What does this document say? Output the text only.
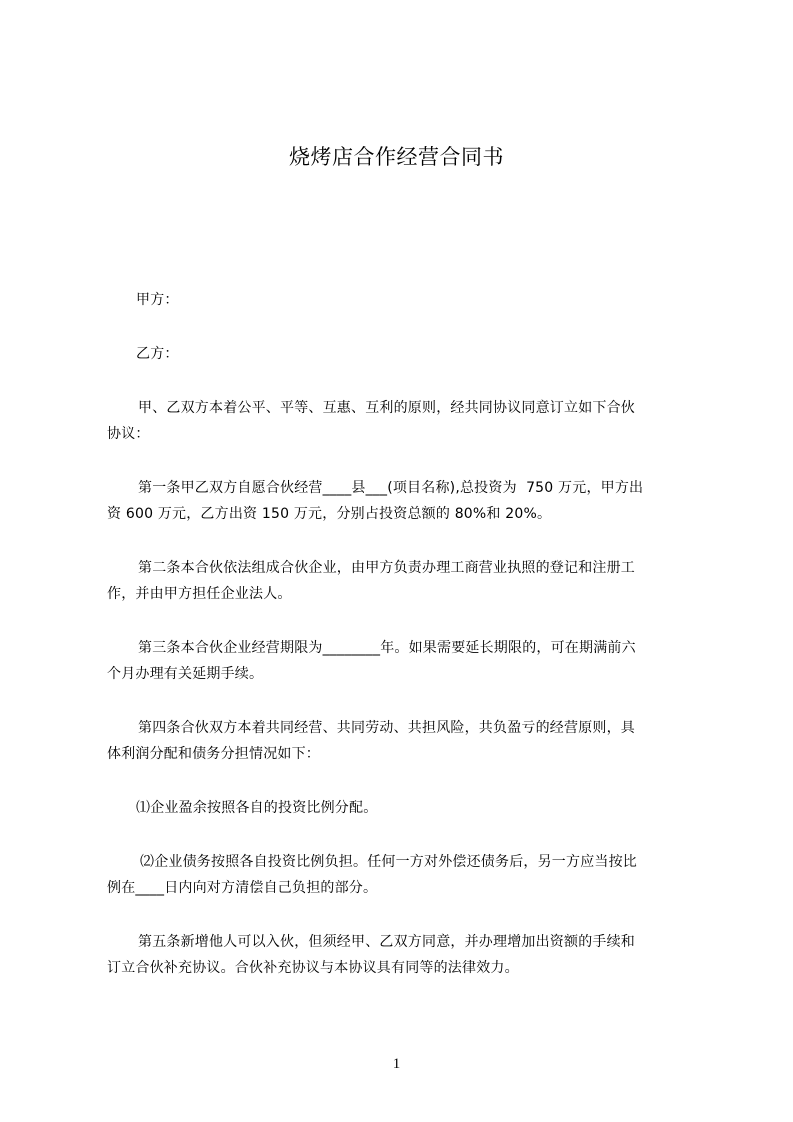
烧烤店合作经营合同书
甲方：
乙方：
甲、乙双方本着公平、平等、互惠、互利的原则，经共同协议同意订立如下合伙
协议：
第一条甲乙双方自愿合伙经营____县___(项目名称),总投资为  750 万元，甲方出
资 600 万元，乙方出资 150 万元，分别占投资总额的 80%和 20%。
第二条本合伙依法组成合伙企业，由甲方负责办理工商营业执照的登记和注册工
作，并由甲方担任企业法人。
第三条本合伙企业经营期限为________年。如果需要延长期限的，可在期满前六
个月办理有关延期手续。
第四条合伙双方本着共同经营、共同劳动、共担风险，共负盈亏的经营原则，具
体利润分配和债务分担情况如下：
⑴企业盈余按照各自的投资比例分配。
⑵企业债务按照各自投资比例负担。任何一方对外偿还债务后，另一方应当按比
例在____日内向对方清偿自己负担的部分。
第五条新增他人可以入伙，但须经甲、乙双方同意，并办理增加出资额的手续和
订立合伙补充协议。合伙补充协议与本协议具有同等的法律效力。
1
